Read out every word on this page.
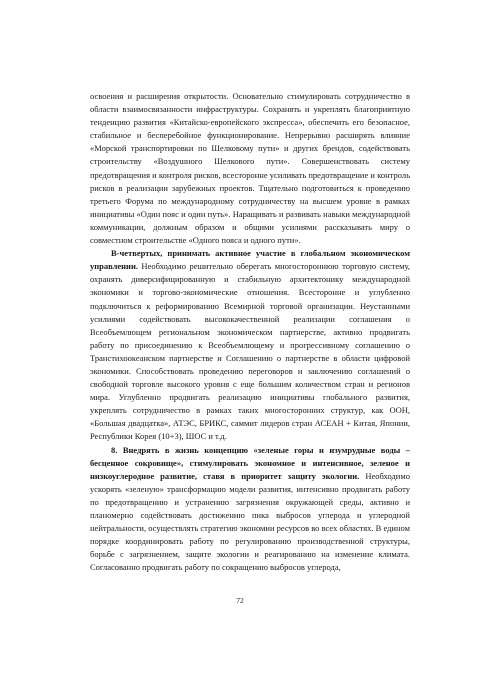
освоения и расширения открытости. Основательно стимулировать сотрудничество в области взаимосвязанности инфраструктуры. Сохранять и укреплять благоприятную тенденцию развития «Китайско-европейского экспресса», обеспечить его безопасное, стабильное и бесперебойное функционирование. Непрерывно расширять влияние «Морской транспортировки по Шелковому пути» и других брендов, содействовать строительству «Воздушного Шелкового пути». Совершенствовать систему предотвращения и контроля рисков, всесторонне усиливать предотвращение и контроль рисков в реализации зарубежных проектов. Тщательно подготовиться к проведению третьего Форума по международному сотрудничеству на высшем уровне в рамках инициативы «Один пояс и один путь». Наращивать и развивать навыки международной коммуникации, должным образом и общими усилиями рассказывать миру о совместном строительстве «Одного пояса и одного пути».

В-четвертых, принимать активное участие в глобальном экономическом управлении. Необходимо решительно оберегать многостороннюю торговую систему, охранять диверсифицированную и стабильную архитектонику международной экономики и торгово-экономические отношения. Всесторонне и углубленно подключиться к реформированию Всемирной торговой организации. Неустанными усилиями содействовать высококачественной реализации соглашения о Всеобъемлющем региональном экономическом партнерстве, активно продвигать работу по присоединению к Всеобъемлющему и прогрессивному соглашению о Транстихоокеанском партнерстве и Соглашению о партнерстве в области цифровой экономики. Способствовать проведению переговоров и заключению соглашений о свободной торговле высокого уровня с еще большим количеством стран и регионов мира. Углубленно продвигать реализацию инициативы глобального развития, укреплять сотрудничество в рамках таких многосторонних структур, как ООН, «Большая двадцатка», АТЭС, БРИКС, саммит лидеров стран АСЕАН + Китая, Японии, Республики Корея (10+3), ШОС и т.д.

8. Внедрять в жизнь концепцию «зеленые горы и изумрудные воды – бесценное сокровище», стимулировать экономное и интенсивное, зеленое и низкоуглеродное развитие, ставя в приоритет защиту экологии. Необходимо ускорять «зеленую» трансформацию модели развития, интенсивно продвигать работу по предотвращению и устранению загрязнения окружающей среды, активно и планомерно содействовать достижению пика выбросов углерода и углеродной нейтральности, осуществлять стратегию экономии ресурсов во всех областях. В едином порядке координировать работу по регулированию производственной структуры, борьбе с загрязнением, защите экологии и реагированию на изменение климата. Согласованно продвигать работу по сокращению выбросов углерода,

72
